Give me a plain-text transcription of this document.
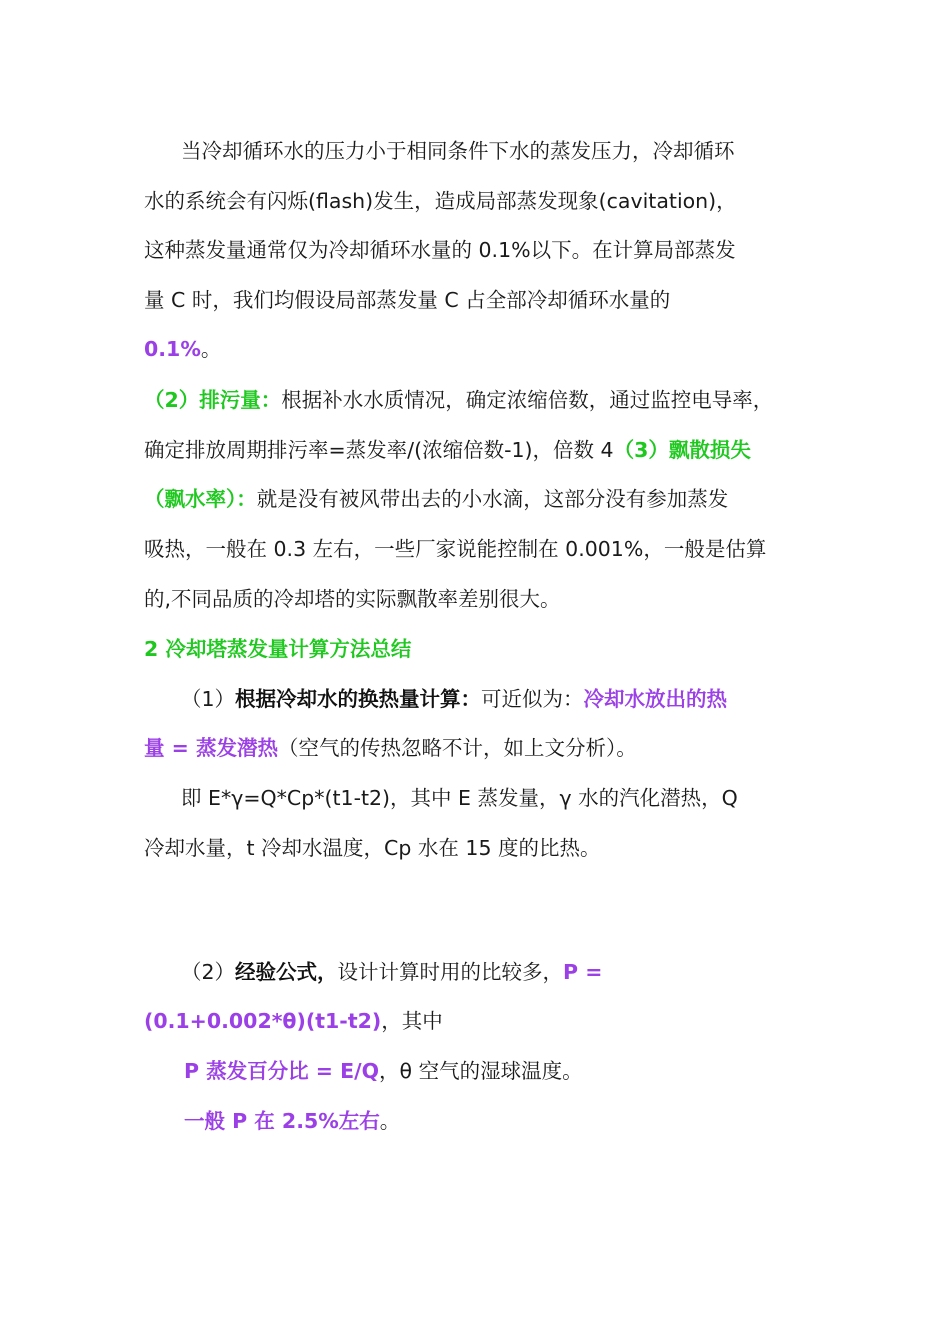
当冷却循环水的压力小于相同条件下水的蒸发压力，冷却循环
水的系统会有闪烁(flash)发生，造成局部蒸发现象(cavitation)，
这种蒸发量通常仅为冷却循环水量的 0.1%以下。在计算局部蒸发
量 C 时，我们均假设局部蒸发量 C 占全部冷却循环水量的
0.1%。
（2）排污量：根据补水水质情况，确定浓缩倍数，通过监控电导率，
确定排放周期排污率=蒸发率/(浓缩倍数-1)，倍数 4（3）飘散损失
（飘水率）：就是没有被风带出去的小水滴，这部分没有参加蒸发
吸热，一般在 0.3 左右，一些厂家说能控制在 0.001%，一般是估算
的,不同品质的冷却塔的实际飘散率差别很大。
2 冷却塔蒸发量计算方法总结
（1）根据冷却水的换热量计算：可近似为：冷却水放出的热
量 = 蒸发潜热（空气的传热忽略不计，如上文分析）。
即 E*γ=Q*Cp*(t1-t2)，其中 E 蒸发量，γ 水的汽化潜热，Q
冷却水量，t 冷却水温度，Cp 水在 15 度的比热。
（2）经验公式，设计计算时用的比较多，P =
(0.1+0.002*θ)(t1-t2)，其中
P 蒸发百分比 = E/Q，θ 空气的湿球温度。
一般 P 在 2.5%左右。
